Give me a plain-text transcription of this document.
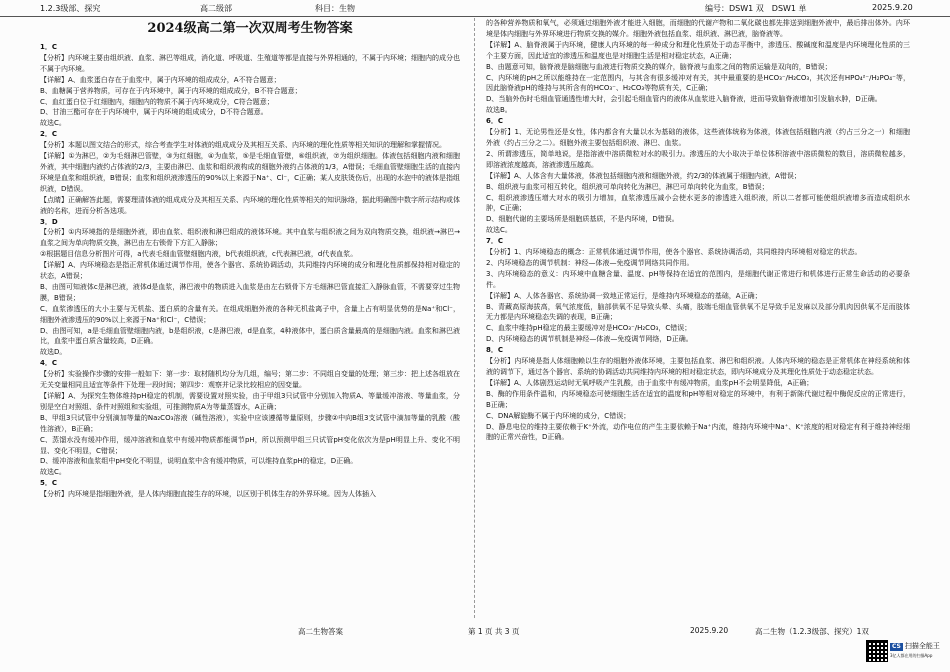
1.2.3级部、探究	高二级部	科目：生物	编号：DSW1 双　DSW1 单	2025.9.20
2024级高二第一次双周考生物答案

1．C

【分析】内环境主要由组织液、血浆、淋巴等组成，消化道、呼吸道、生殖道等都是直接与外界相通的，不属于内环境；细胞内的成分也不属于内环境。

【详解】A、血浆蛋白存在于血浆中，属于内环境的组成成分，A不符合题意；

B、血糖属于营养物质，可存在于内环境中，属于内环境的组成成分，B不符合题意；

C、血红蛋白位于红细胞内，细胞内的物质不属于内环境成分，C符合题意；

D、甘油三酯可存在于内环境中，属于内环境的组成成分，D不符合题意。

故选C。

2．C

【分析】本题以图文结合的形式，综合考查学生对体液的组成成分及其相互关系、内环境的理化性质等相关知识的理解和掌握情况。

【详解】①为淋巴，②为毛细淋巴管壁，③为红细胞，④为血浆，⑤是毛细血管壁，⑥组织液，⑦为组织细胞。体液包括细胞内液和细胞外液，其中细胞内液约占体液的2/3，主要由淋巴、血浆和组织液构成的细胞外液约占体液的1/3，A错误；毛细血管壁细胞生活的直接内环境是血浆和组织液，B错误；血浆和组织液渗透压的90%以上来源于Na⁺、Cl⁻，C正确；某人皮肤烫伤后，出现的水泡中的液体是指组织液，D错误。

【点睛】正确解答此题，需要理清体液的组成成分及其相互关系、内环境的理化性质等相关的知识脉络，据此明确图中数字所示结构或体液的名称，进而分析各选项。

3．D

【分析】①内环境指的是细胞外液，即由血浆、组织液和淋巴组成的液体环境。其中血浆与组织液之间为双向物质交换，组织液→淋巴→血浆之间为单向物质交换，淋巴由左右锁骨下方汇入静脉；

②根据题目信息分析图片可得，a代表毛细血管壁细胞内液，b代表组织液，c代表淋巴液，d代表血浆。

【详解】A、内环境稳态是指正常机体通过调节作用，使各个器官、系统协调活动，共同维持内环境的成分和理化性质都保持相对稳定的状态，A错误；

B、由图可知液体c是淋巴液，液体d是血浆，淋巴液中的物质进入血浆是由左右锁骨下方毛细淋巴管直接汇入静脉血管，不需要穿过生物膜，B错误；

C、血浆渗透压的大小主要与无机盐、蛋白质的含量有关。在组成细胞外液的各种无机盐离子中，含量上占有明显优势的是Na⁺和Cl⁻，细胞外液渗透压的90%以上来源于Na⁺和Cl⁻，C错误；

D、由图可知，a是毛细血管壁细胞内液，b是组织液，c是淋巴液，d是血浆，4种液体中，蛋白质含量最高的是细胞内液。血浆和淋巴液比，血浆中蛋白质含量较高，D正确。

故选D。

4．C

【分析】实验操作步骤的安排一般如下：第一步：取材随机均分为几组，编号；第二步：不同组自变量的处理；第三步：把上述各组放在无关变量相同且适宜等条件下处理一段时间；第四步：观察并记录比较相应的因变量。

【详解】A、为探究生物体维持pH稳定的机制，需要设置对照实验，由于甲组3只试管中分别加入物质A、等量缓冲溶液、等量血浆，分别是空白对照组、条件对照组和实验组，可推测物质A为等量蒸馏水，A正确；

B、甲组3只试管中分别滴加等量的Na₂CO₃溶液（碱性溶液），实验中应该遵循等量原则，步骤②中向B组3支试管中滴加等量的乳酸（酸性溶液），B正确；

C、蒸馏水没有缓冲作用，缓冲溶液和血浆中有缓冲物质都能调节pH，所以预测甲组三只试管pH变化依次为是pH明显上升、变化不明显、变化不明显，C错误；

D、缓冲溶液和血浆组中pH变化不明显，说明血浆中含有缓冲物质，可以维持血浆pH的稳定，D正确。

故选C。

5．C

【分析】内环境是指细胞外液，是人体内细胞直接生存的环境，以区别于机体生存的外界环境。因为人体插入

的各种营养物质和氧气，必须通过细胞外液才能进入细胞，而细胞的代谢产物和二氧化碳也都先排送到细胞外液中，最后排出体外。内环境是体内细胞与外界环境进行物质交换的媒介。细胞外液包括血浆、组织液、淋巴液，脑脊液等。

【详解】A、脑脊液属于内环境，健康人内环境的每一种成分和理化性质处于动态平衡中，渗透压、酸碱度和温度是内环境理化性质的三个主要方面，因此适宜的渗透压和温度也是对细胞生活是相对稳定状态，A正确；

B、由题意可知，脑脊液是脑细胞与血液进行物质交换的媒介，脑脊液与血浆之间的物质运输是双向的，B错误；

C、内环境的pH之所以能维持在一定范围内，与其含有很多缓冲对有关，其中最重要的是HCO₃⁻/H₂CO₃，其次还有HPO₄²⁻/H₂PO₄⁻等，因此脑脊液pH的维持与其所含有的HCO₃⁻、H₂CO₃等物质有关，C正确；

D、当脑外伤时毛细血管通透性增大时，会引起毛细血管内的液体从血浆进入脑脊液，进而导致脑脊液增加引发脑水肿，D正确。

故选B。

6．C

【分析】1、无论男性还是女性，体内都含有大量以水为基础的液体，这些液体统称为体液，体液包括细胞内液（约占三分之一）和细胞外液（约占三分之二）。细胞外液主要包括组织液、淋巴、血浆。

2、所谓渗透压，简单地说，是指溶液中溶质微粒对水的吸引力。渗透压的大小取决于单位体积溶液中溶质微粒的数目，溶质微粒越多，即溶液浓度越高，溶液渗透压越高。

【详解】A、人体含有大量体液，体液包括细胞内液和细胞外液，约2/3的体液属于细胞内液，A错误；

B、组织液与血浆可相互转化，组织液可单向转化为淋巴，淋巴可单向转化为血浆，B错误；

C、组织液渗透压增大对水的吸引力增加，血浆渗透压减小会使水更多的渗透进入组织液，所以二者都可能使组织液增多而造成组织水肿，C正确；

D、细胞代谢的主要场所是细胞质基质，不是内环境，D错误。

故选C。

7．C

【分析】1、内环境稳态的概念：正常机体通过调节作用，使各个器官、系统协调活动，共同维持内环境相对稳定的状态。

2、内环境稳态的调节机制：神经—体液—免疫调节网络共同作用。

3、内环境稳态的意义：内环境中血糖含量、温度、pH等保持在适宜的范围内，是细胞代谢正常进行和机体进行正常生命活动的必要条件。

【详解】A、人体各器官、系统协调一致地正常运行，是维持内环境稳态的基础，A正确；

B、青藏高原海拔高，氧气浓度低，脑部供氧不足导致头晕、头痛，肢端毛细血管供氧不足导致手足发麻以及部分肌肉因供氧不足而肢体无力都是内环境稳态失调的表现，B正确；

C、血浆中维持pH稳定的最主要缓冲对是HCO₃⁻/H₂CO₃，C错误；

D、内环境稳态的调节机制是神经—体液—免疫调节网络，D正确。

8．C

【分析】内环境是指人体细胞赖以生存的细胞外液体环境，主要包括血浆、淋巴和组织液。人体内环境的稳态是正常机体在神经系统和体液的调节下，通过各个器官、系统的协调活动共同维持内环境的相对稳定状态，即内环境成分及其理化性质处于动态稳定状态。

【详解】A、人体剧烈运动时无氧呼吸产生乳酸，由于血浆中有缓冲物质，血浆pH不会明显降低，A正确；

B、酶的作用条件温和，内环境稳态可使细胞生活在适宜的温度和pH等相对稳定的环境中，有利于新陈代谢过程中酶促反应的正常进行，B正确；

C、DNA解旋酶不属于内环境的成分，C错误；

D、静息电位的维持主要依赖于K⁺外流，动作电位的产生主要依赖于Na⁺内流，维持内环境中Na⁺、K⁺浓度的相对稳定有利于维持神经细胞的正常兴奋性，D正确。

高二生物答案	第 1 页 共 3 页	2025.9.20	高二生物（1.2.3级部、探究）1双
CS 扫描全能王
3亿人都在用的扫描App
